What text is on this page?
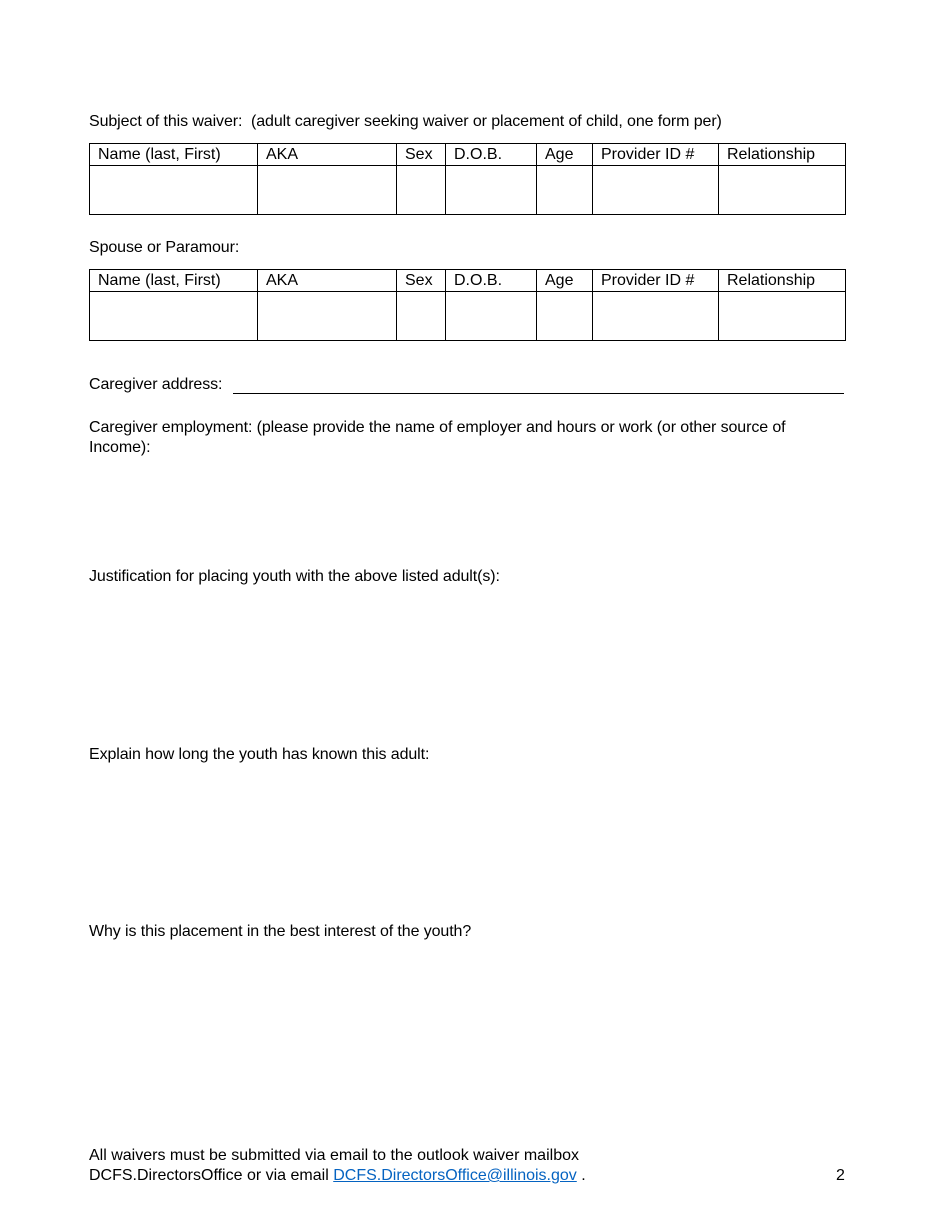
Subject of this waiver: (adult caregiver seeking waiver or placement of child, one form per)
Name (last, First)	AKA	Sex	D.O.B.	Age	Provider ID #	Relationship

Spouse or Paramour:
Name (last, First)	AKA	Sex	D.O.B.	Age	Provider ID #	Relationship

Caregiver address:
Caregiver employment: (please provide the name of employer and hours or work (or other source of Income):
Justification for placing youth with the above listed adult(s):
Explain how long the youth has known this adult:
Why is this placement in the best interest of the youth?
All waivers must be submitted via email to the outlook waiver mailbox
DCFS.DirectorsOffice or via email DCFS.DirectorsOffice@illinois.gov .	2
